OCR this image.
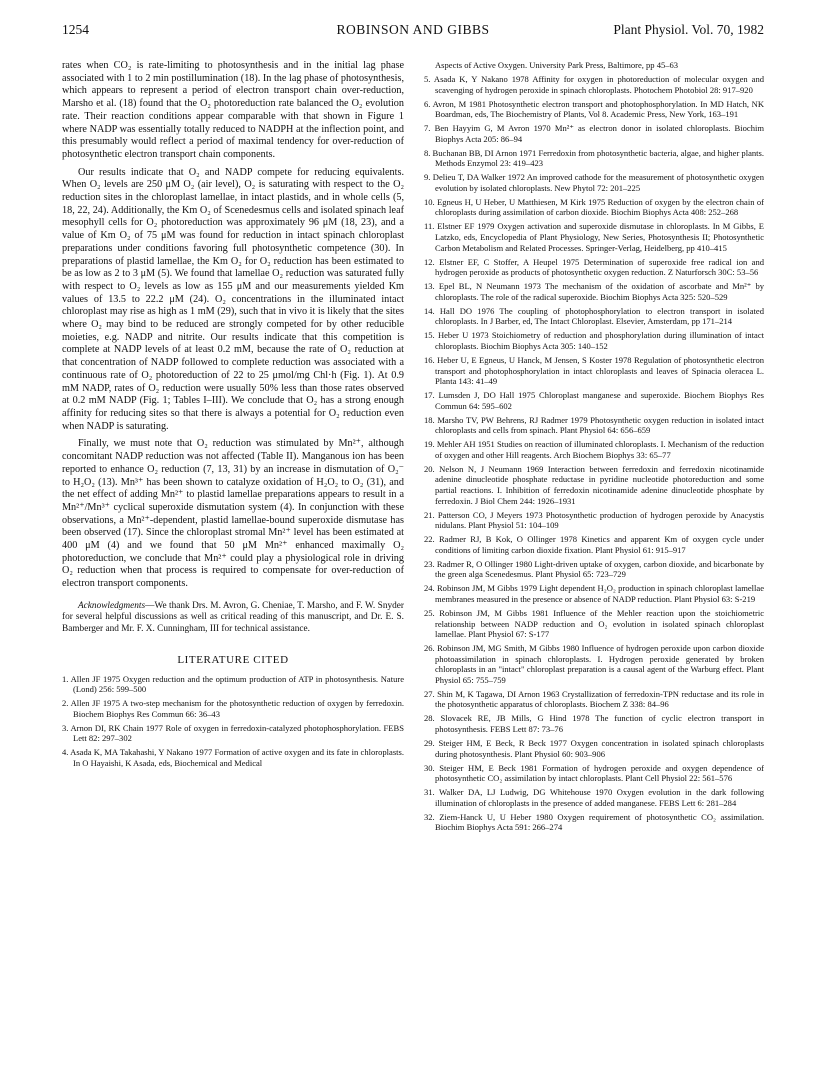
1254	ROBINSON AND GIBBS	Plant Physiol. Vol. 70, 1982

rates when CO₂ is rate-limiting to photosynthesis and in the initial lag phase associated with 1 to 2 min postillumination (18). In the lag phase of photosynthesis, which appears to represent a period of electron transport chain over-reduction, Marsho et al. (18) found that the O₂ photoreduction rate balanced the O₂ evolution rate. Their reaction conditions appear comparable with that shown in Figure 1 where NADP was essentially totally reduced to NADPH at the inflection point, and this presumably would reflect a period of maximal tendency for over-reduction of photosynthetic electron transport chain components.

Our results indicate that O₂ and NADP compete for reducing equivalents. When O₂ levels are 250 μM O₂ (air level), O₂ is saturating with respect to the O₂ reduction sites in the chloroplast lamellae, in intact plastids, and in whole cells (5, 18, 22, 24). Additionally, the Km O₂ of Scenedesmus cells and isolated spinach leaf mesophyll cells for O₂ photoreduction was approximately 96 μM (18, 23), and a value of Km O₂ of 75 μM was found for reduction in intact spinach chloroplast preparations under conditions favoring full photosynthetic competence (30). In preparations of plastid lamellae, the Km O₂ for O₂ reduction has been estimated to be as low as 2 to 3 μM (5). We found that lamellae O₂ reduction was saturated fully with respect to O₂ levels as low as 155 μM and our measurements yielded Km values of 13.5 to 22.2 μM (24). O₂ concentrations in the illuminated intact chloroplast may rise as high as 1 mM (29), such that in vivo it is likely that the sites where O₂ may bind to be reduced are strongly competed for by other reducible moieties, e.g. NADP and nitrite. Our results indicate that this competition is complete at NADP levels of at least 0.2 mM, because the rate of O₂ reduction at that concentration of NADP followed to complete reduction was associated with a continuous rate of O₂ photoreduction of 22 to 25 μmol/mg Chl·h (Fig. 1). At 0.9 mM NADP, rates of O₂ reduction were usually 50% less than those rates observed at 0.2 mM NADP (Fig. 1; Tables I–III). We conclude that O₂ has a strong enough affinity for reducing sites so that there is always a potential for O₂ reduction even when NADP is saturating.

Finally, we must note that O₂ reduction was stimulated by Mn²⁺, although concomitant NADP reduction was not affected (Table II). Manganous ion has been reported to enhance O₂ reduction (7, 13, 31) by an increase in dismutation of O₂⁻ to H₂O₂ (13). Mn³⁺ has been shown to catalyze oxidation of H₂O₂ to O₂ (31), and the net effect of adding Mn²⁺ to plastid lamellae preparations appears to result in a Mn²⁺/Mn³⁺ cyclical superoxide dismutation system (4). In conjunction with these observations, a Mn²⁺-dependent, plastid lamellae-bound superoxide dismutase has been observed (17). Since the chloroplast stromal Mn²⁺ level has been estimated at 400 μM (4) and we found that 50 μM Mn²⁺ enhanced maximally O₂ photoreduction, we conclude that Mn²⁺ could play a physiological role in driving O₂ reduction when that process is required to compensate for over-reduction of electron transport components.

Acknowledgments—We thank Drs. M. Avron, G. Cheniae, T. Marsho, and F. W. Snyder for several helpful discussions as well as critical reading of this manuscript, and Dr. E. S. Bamberger and Mr. F. X. Cunningham, III for technical assistance.

LITERATURE CITED
1. Allen JF 1975 Oxygen reduction and the optimum production of ATP in photosynthesis. Nature (Lond) 256: 599–500
2. Allen JF 1975 A two-step mechanism for the photosynthetic reduction of oxygen by ferredoxin. Biochem Biophys Res Commun 66: 36–43
3. Arnon DI, RK Chain 1977 Role of oxygen in ferredoxin-catalyzed photophosphorylation. FEBS Lett 82: 297–302
4. Asada K, MA Takahashi, Y Nakano 1977 Formation of active oxygen and its fate in chloroplasts. In O Hayaishi, K Asada, eds, Biochemical and Medical

Aspects of Active Oxygen. University Park Press, Baltimore, pp 45–63

5. Asada K, Y Nakano 1978 Affinity for oxygen in photoreduction of molecular oxygen and scavenging of hydrogen peroxide in spinach chloroplasts. Photochem Photobiol 28: 917–920
6. Avron, M 1981 Photosynthetic electron transport and photophosphorylation. In MD Hatch, NK Boardman, eds, The Biochemistry of Plants, Vol 8. Academic Press, New York, 163–191
7. Ben Hayyim G, M Avron 1970 Mn²⁺ as electron donor in isolated chloroplasts. Biochim Biophys Acta 205: 86–94
8. Buchanan BB, DI Arnon 1971 Ferredoxin from photosynthetic bacteria, algae, and higher plants. Methods Enzymol 23: 419–423
9. Delieu T, DA Walker 1972 An improved cathode for the measurement of photosynthetic oxygen evolution by isolated chloroplasts. New Phytol 72: 201–225
10. Egneus H, U Heber, U Matthiesen, M Kirk 1975 Reduction of oxygen by the electron chain of chloroplasts during assimilation of carbon dioxide. Biochim Biophys Acta 408: 252–268
11. Elstner EF 1979 Oxygen activation and superoxide dismutase in chloroplasts. In M Gibbs, E Latzko, eds, Encyclopedia of Plant Physiology, New Series, Photosynthesis II; Photosynthetic Carbon Metabolism and Related Processes. Springer-Verlag, Heidelberg, pp 410–415
12. Elstner EF, C Stoffer, A Heupel 1975 Determination of superoxide free radical ion and hydrogen peroxide as products of photosynthetic oxygen reduction. Z Naturforsch 30C: 53–56
13. Epel BL, N Neumann 1973 The mechanism of the oxidation of ascorbate and Mn²⁺ by chloroplasts. The role of the radical superoxide. Biochim Biophys Acta 325: 520–529
14. Hall DO 1976 The coupling of photophosphorylation to electron transport in isolated chloroplasts. In J Barber, ed, The Intact Chloroplast. Elsevier, Amsterdam, pp 171–214
15. Heber U 1973 Stoichiometry of reduction and phosphorylation during illumination of intact chloroplasts. Biochim Biophys Acta 305: 140–152
16. Heber U, E Egneus, U Hanck, M Jensen, S Koster 1978 Regulation of photosynthetic electron transport and photophosphorylation in intact chloroplasts and leaves of Spinacia oleracea L. Planta 143: 41–49
17. Lumsden J, DO Hall 1975 Chloroplast manganese and superoxide. Biochem Biophys Res Commun 64: 595–602
18. Marsho TV, PW Behrens, RJ Radmer 1979 Photosynthetic oxygen reduction in isolated intact chloroplasts and cells from spinach. Plant Physiol 64: 656–659
19. Mehler AH 1951 Studies on reaction of illuminated chloroplasts. I. Mechanism of the reduction of oxygen and other Hill reagents. Arch Biochem Biophys 33: 65–77
20. Nelson N, J Neumann 1969 Interaction between ferredoxin and ferredoxin nicotinamide adenine dinucleotide phosphate reductase in pyridine nucleotide photoreduction and some partial reactions. I. Inhibition of ferredoxin nicotinamide adenine dinucleotide phosphate by ferredoxin. J Biol Chem 244: 1926–1931
21. Patterson CO, J Meyers 1973 Photosynthetic production of hydrogen peroxide by Anacystis nidulans. Plant Physiol 51: 104–109
22. Radmer RJ, B Kok, O Ollinger 1978 Kinetics and apparent Km of oxygen cycle under conditions of limiting carbon dioxide fixation. Plant Physiol 61: 915–917
23. Radmer R, O Ollinger 1980 Light-driven uptake of oxygen, carbon dioxide, and bicarbonate by the green alga Scenedesmus. Plant Physiol 65: 723–729
24. Robinson JM, M Gibbs 1979 Light dependent H₂O₂ production in spinach chloroplast lamellae membranes measured in the presence or absence of NADP reduction. Plant Physiol 63: S-219
25. Robinson JM, M Gibbs 1981 Influence of the Mehler reaction upon the stoichiometric relationship between NADP reduction and O₂ evolution in isolated spinach chloroplast lamellae. Plant Physiol 67: S-177
26. Robinson JM, MG Smith, M Gibbs 1980 Influence of hydrogen peroxide upon carbon dioxide photoassimilation in spinach chloroplasts. I. Hydrogen peroxide generated by broken chloroplasts in an "intact" chloroplast preparation is a causal agent of the Warburg effect. Plant Physiol 65: 755–759
27. Shin M, K Tagawa, DI Arnon 1963 Crystallization of ferredoxin-TPN reductase and its role in the photosynthetic apparatus of chloroplasts. Biochem Z 338: 84–96
28. Slovacek RE, JB Mills, G Hind 1978 The function of cyclic electron transport in photosynthesis. FEBS Lett 87: 73–76
29. Steiger HM, E Beck, R Beck 1977 Oxygen concentration in isolated spinach chloroplasts during photosynthesis. Plant Physiol 60: 903–906
30. Steiger HM, E Beck 1981 Formation of hydrogen peroxide and oxygen dependence of photosynthetic CO₂ assimilation by intact chloroplasts. Plant Cell Physiol 22: 561–576
31. Walker DA, LJ Ludwig, DG Whitehouse 1970 Oxygen evolution in the dark following illumination of chloroplasts in the presence of added manganese. FEBS Lett 6: 281–284
32. Ziem-Hanck U, U Heber 1980 Oxygen requirement of photosynthetic CO₂ assimilation. Biochim Biophys Acta 591: 266–274
